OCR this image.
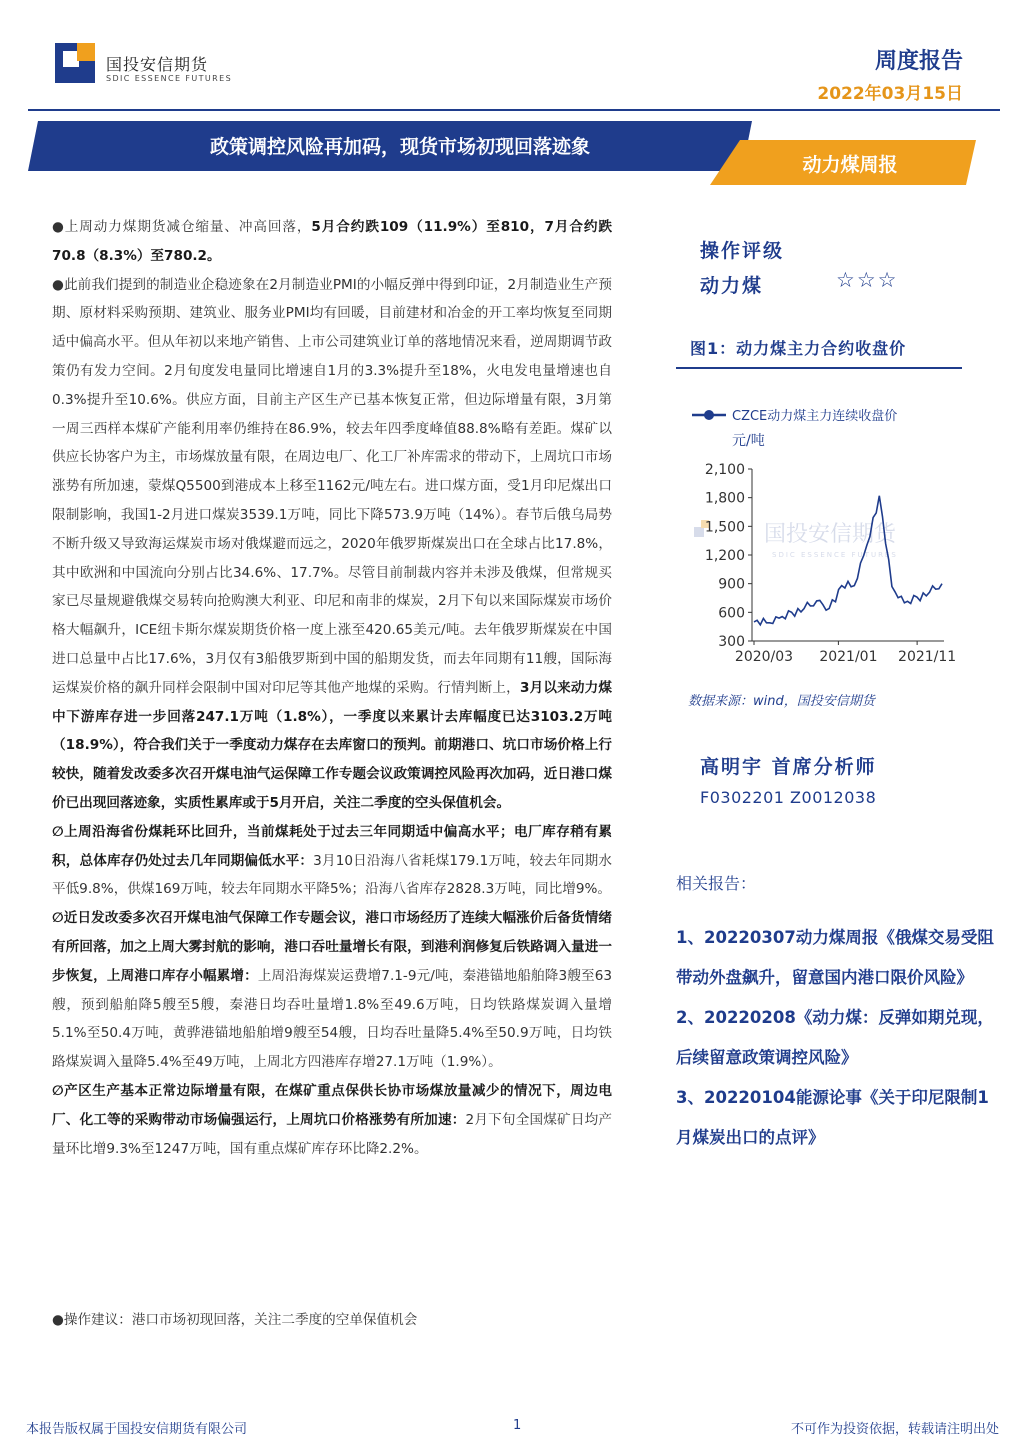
国投安信期货
SDIC ESSENCE FUTURES
周度报告
2022年03月15日
政策调控风险再加码，现货市场初现回落迹象
动力煤周报

●上周动力煤期货减仓缩量、冲高回落，5月合约跌109（11.9%）至810，7月合约跌70.8（8.3%）至780.2。

●此前我们提到的制造业企稳迹象在2月制造业PMI的小幅反弹中得到印证，2月制造业生产预期、原材料采购预期、建筑业、服务业PMI均有回暖，目前建材和冶金的开工率均恢复至同期适中偏高水平。但从年初以来地产销售、上市公司建筑业订单的落地情况来看，逆周期调节政策仍有发力空间。2月旬度发电量同比增速自1月的3.3%提升至18%，火电发电量增速也自0.3%提升至10.6%。供应方面，目前主产区生产已基本恢复正常，但边际增量有限，3月第一周三西样本煤矿产能利用率仍维持在86.9%，较去年四季度峰值88.8%略有差距。煤矿以供应长协客户为主，市场煤放量有限，在周边电厂、化工厂补库需求的带动下，上周坑口市场涨势有所加速，蒙煤Q5500到港成本上移至1162元/吨左右。进口煤方面，受1月印尼煤出口限制影响，我国1-2月进口煤炭3539.1万吨，同比下降573.9万吨（14%）。春节后俄乌局势不断升级又导致海运煤炭市场对俄煤避而远之，2020年俄罗斯煤炭出口在全球占比17.8%，其中欧洲和中国流向分别占比34.6%、17.7%。尽管目前制裁内容并未涉及俄煤，但常规买家已尽量规避俄煤交易转向抢购澳大利亚、印尼和南非的煤炭，2月下旬以来国际煤炭市场价格大幅飙升，ICE纽卡斯尔煤炭期货价格一度上涨至420.65美元/吨。去年俄罗斯煤炭在中国进口总量中占比17.6%，3月仅有3船俄罗斯到中国的船期发货，而去年同期有11艘，国际海运煤炭价格的飙升同样会限制中国对印尼等其他产地煤的采购。行情判断上，3月以来动力煤中下游库存进一步回落247.1万吨（1.8%），一季度以来累计去库幅度已达3103.2万吨（18.9%），符合我们关于一季度动力煤存在去库窗口的预判。前期港口、坑口市场价格上行较快，随着发改委多次召开煤电油气运保障工作专题会议政策调控风险再次加码，近日港口煤价已出现回落迹象，实质性累库或于5月开启，关注二季度的空头保值机会。

∅上周沿海省份煤耗环比回升，当前煤耗处于过去三年同期适中偏高水平；电厂库存稍有累积，总体库存仍处过去几年同期偏低水平：3月10日沿海八省耗煤179.1万吨，较去年同期水平低9.8%，供煤169万吨，较去年同期水平降5%；沿海八省库存2828.3万吨，同比增9%。

∅近日发改委多次召开煤电油气保障工作专题会议，港口市场经历了连续大幅涨价后备货情绪有所回落，加之上周大雾封航的影响，港口吞吐量增长有限，到港利润修复后铁路调入量进一步恢复，上周港口库存小幅累增：上周沿海煤炭运费增7.1-9元/吨，秦港锚地船舶降3艘至63艘，预到船舶降5艘至5艘，秦港日均吞吐量增1.8%至49.6万吨，日均铁路煤炭调入量增5.1%至50.4万吨，黄骅港锚地船舶增9艘至54艘，日均吞吐量降5.4%至50.9万吨，日均铁路煤炭调入量降5.4%至49万吨，上周北方四港库存增27.1万吨（1.9%）。

∅产区生产基本正常边际增量有限，在煤矿重点保供长协市场煤放量减少的情况下，周边电厂、化工等的采购带动市场偏强运行，上周坑口价格涨势有所加速：2月下旬全国煤矿日均产量环比增9.3%至1247万吨，国有重点煤矿库存环比降2.2%。

●操作建议：港口市场初现回落，关注二季度的空单保值机会
操作评级
动力煤	☆☆☆
图1：动力煤主力合约收盘价
国投安信期货
SDIC ESSENCE FUTURES
CZCE动力煤主力连续收盘价
元/吨
2,100
1,800
1,500
1,200
900
600
300
2020/03 2021/01 2021/11
数据来源：wind，国投安信期货
高明宇 首席分析师
F0302201 Z0012038
相关报告：
1、20220307动力煤周报《俄煤交易受阻带动外盘飙升，留意国内港口限价风险》
2、20220208《动力煤：反弹如期兑现，后续留意政策调控风险》
3、20220104能源论事《关于印尼限制1月煤炭出口的点评》
本报告版权属于国投安信期货有限公司	1	不可作为投资依据，转载请注明出处
